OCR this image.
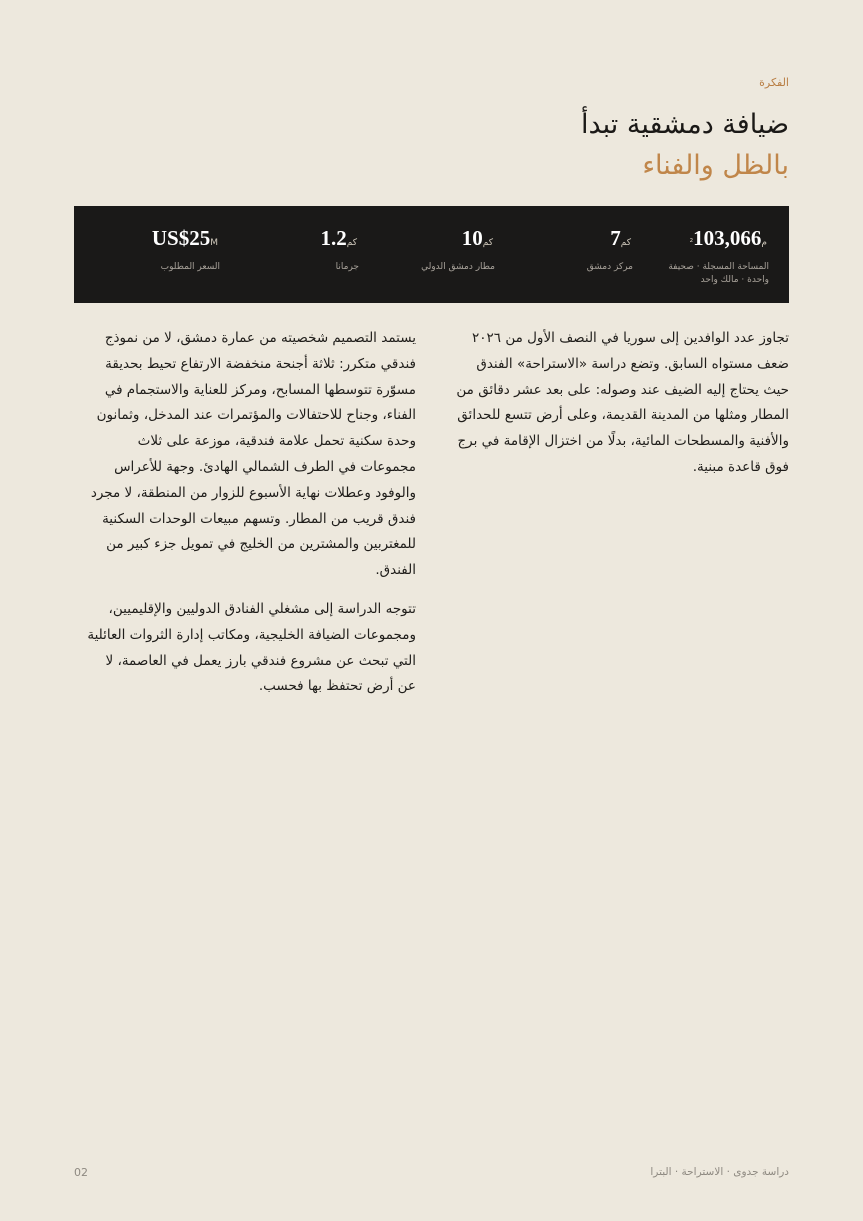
الفكرة
ضيافة دمشقية تبدأ
بالظل والفناء
م²103,066
المساحة المسجلة · صحيفة واحدة · مالك واحد
كم7
مركز دمشق
كم10
مطار دمشق الدولي
كم1.2
جرمانا
US$25M
السعر المطلوب

تجاوز عدد الوافدين إلى سوريا في النصف الأول من ٢٠٢٦ ضعف مستواه السابق. وتضع دراسة «الاستراحة» الفندق حيث يحتاج إليه الضيف عند وصوله: على بعد عشر دقائق من المطار ومثلها من المدينة القديمة، وعلى أرض تتسع للحدائق والأفنية والمسطحات المائية، بدلًا من اختزال الإقامة في برج فوق قاعدة مبنية.

يستمد التصميم شخصيته من عمارة دمشق، لا من نموذج فندقي متكرر: ثلاثة أجنحة منخفضة الارتفاع تحيط بحديقة مسوّرة تتوسطها المسابح، ومركز للعناية والاستجمام في الفناء، وجناح للاحتفالات والمؤتمرات عند المدخل، وثمانون وحدة سكنية تحمل علامة فندقية، موزعة على ثلاث مجموعات في الطرف الشمالي الهادئ. وجهة للأعراس والوفود وعطلات نهاية الأسبوع للزوار من المنطقة، لا مجرد فندق قريب من المطار. وتسهم مبيعات الوحدات السكنية للمغتربين والمشترين من الخليج في تمويل جزء كبير من الفندق.

تتوجه الدراسة إلى مشغلي الفنادق الدوليين والإقليميين، ومجموعات الضيافة الخليجية، ومكاتب إدارة الثروات العائلية التي تبحث عن مشروع فندقي بارز يعمل في العاصمة، لا عن أرض تحتفظ بها فحسب.

02	دراسة جدوى · الاستراحة · البترا
